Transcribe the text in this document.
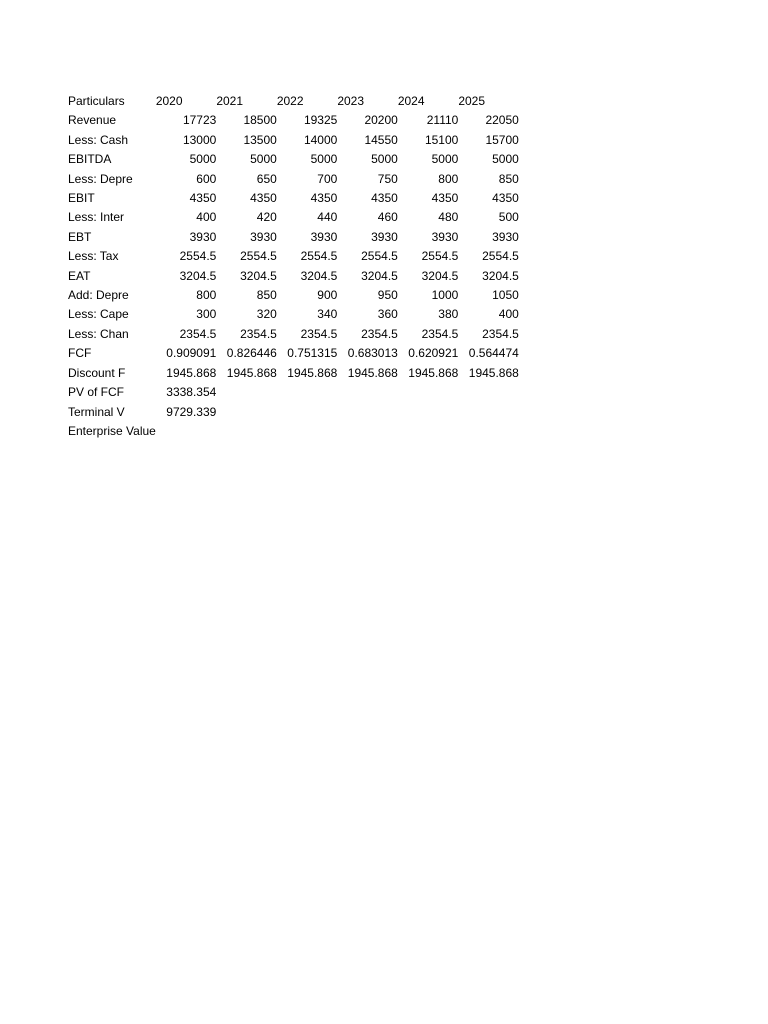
Particulars	2020	2021	2022	2023	2024	2025
Revenue	17723	18500	19325	20200	21110	22050
Less: Cash	13000	13500	14000	14550	15100	15700
EBITDA	5000	5000	5000	5000	5000	5000
Less: Depre	600	650	700	750	800	850
EBIT	4350	4350	4350	4350	4350	4350
Less: Inter	400	420	440	460	480	500
EBT	3930	3930	3930	3930	3930	3930
Less: Tax	2554.5	2554.5	2554.5	2554.5	2554.5	2554.5
EAT	3204.5	3204.5	3204.5	3204.5	3204.5	3204.5
Add: Depre	800	850	900	950	1000	1050
Less: Cape	300	320	340	360	380	400
Less: Chan	2354.5	2354.5	2354.5	2354.5	2354.5	2354.5
FCF	0.909091	0.826446	0.751315	0.683013	0.620921	0.564474
Discount F	1945.868	1945.868	1945.868	1945.868	1945.868	1945.868
PV of FCF	3338.354					
Terminal V	9729.339					
Enterprise Value						
